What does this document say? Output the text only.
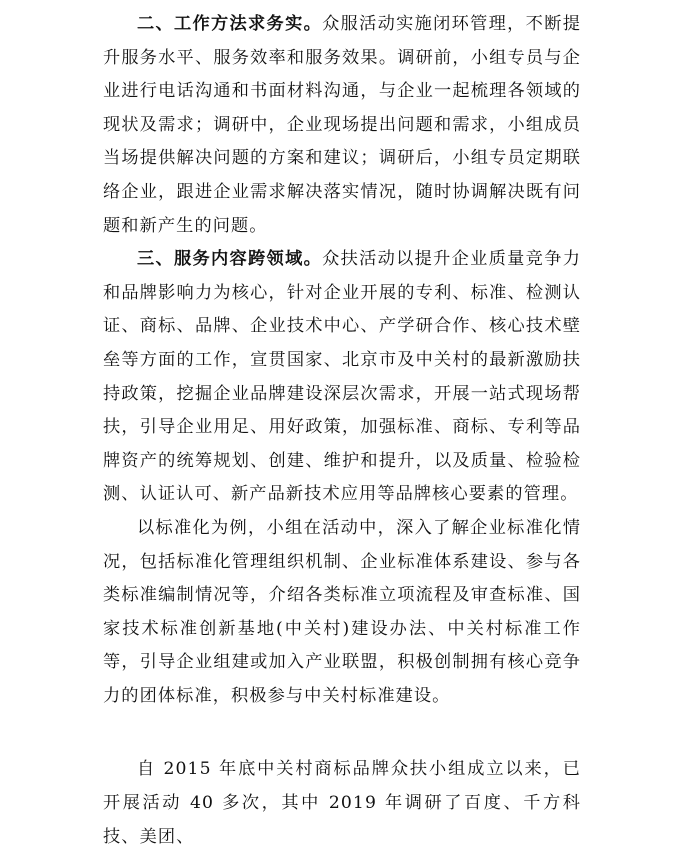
二、工作方法求务实。众服活动实施闭环管理，不断提升服务水平、服务效率和服务效果。调研前，小组专员与企业进行电话沟通和书面材料沟通，与企业一起梳理各领域的现状及需求；调研中，企业现场提出问题和需求，小组成员当场提供解决问题的方案和建议；调研后，小组专员定期联络企业，跟进企业需求解决落实情况，随时协调解决既有问题和新产生的问题。

三、服务内容跨领域。众扶活动以提升企业质量竞争力和品牌影响力为核心，针对企业开展的专利、标准、检测认证、商标、品牌、企业技术中心、产学研合作、核心技术壁垒等方面的工作，宣贯国家、北京市及中关村的最新激励扶持政策，挖掘企业品牌建设深层次需求，开展一站式现场帮扶，引导企业用足、用好政策，加强标准、商标、专利等品牌资产的统筹规划、创建、维护和提升，以及质量、检验检测、认证认可、新产品新技术应用等品牌核心要素的管理。

以标准化为例，小组在活动中，深入了解企业标准化情况，包括标准化管理组织机制、企业标准体系建设、参与各类标准编制情况等，介绍各类标准立项流程及审查标准、国家技术标准创新基地(中关村)建设办法、中关村标准工作等，引导企业组建或加入产业联盟，积极创制拥有核心竞争力的团体标准，积极参与中关村标准建设。

自 2015 年底中关村商标品牌众扶小组成立以来，已开展活动 40 多次，其中 2019 年调研了百度、千方科技、美团、
